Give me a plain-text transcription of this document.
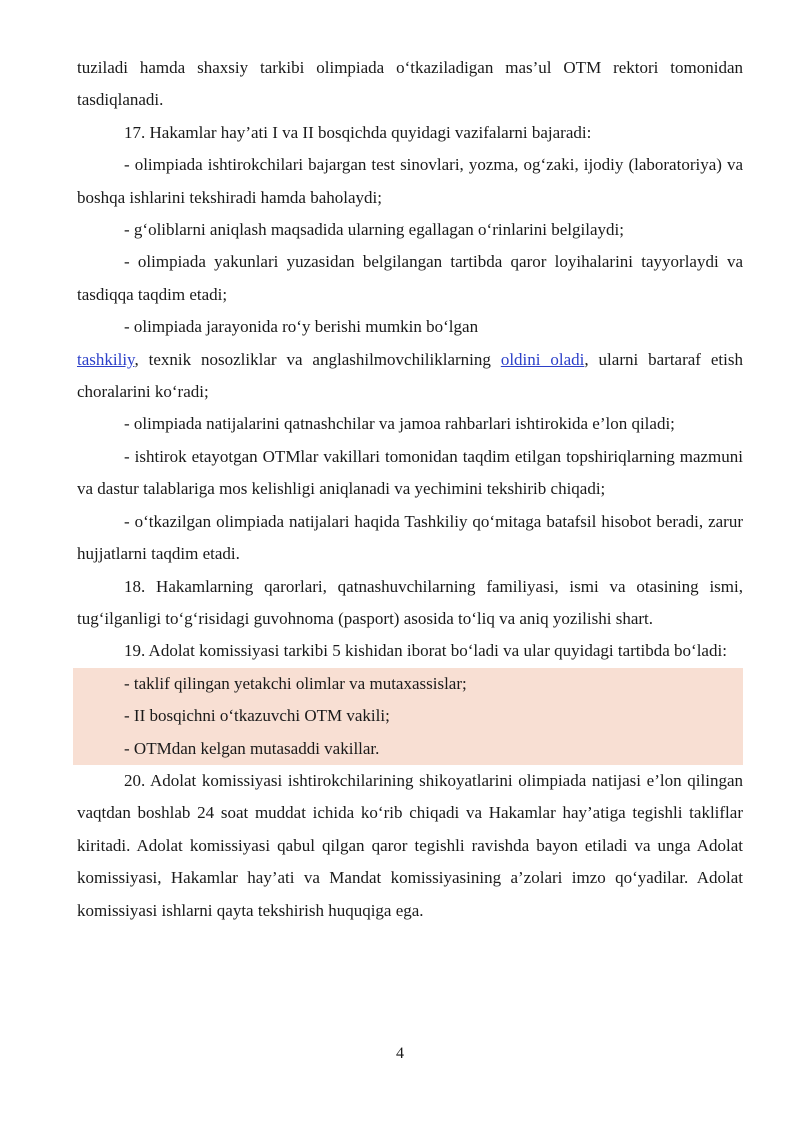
tuziladi hamda shaxsiy tarkibi olimpiada o‘tkaziladigan mas’ul OTM rektori tomonidan tasdiqlanadi.

17. Hakamlar hay’ati I va II bosqichda quyidagi vazifalarni bajaradi:

- olimpiada ishtirokchilari bajargan test sinovlari, yozma, og‘zaki, ijodiy (laboratoriya) va boshqa ishlarini tekshiradi hamda baholaydi;

- g‘oliblarni aniqlash maqsadida ularning egallagan o‘rinlarini belgilaydi;

- olimpiada yakunlari yuzasidan belgilangan tartibda qaror loyihalarini tayyorlaydi va tasdiqqa taqdim etadi;

- olimpiada jarayonida ro‘y berishi mumkin bo‘lgan

tashkiliy, texnik nosozliklar va anglashilmovchiliklarning oldini oladi, ularni bartaraf etish choralarini ko‘radi;

- olimpiada natijalarini qatnashchilar va jamoa rahbarlari ishtirokida e’lon qiladi;

- ishtirok etayotgan OTMlar vakillari tomonidan taqdim etilgan topshiriqlarning mazmuni va dastur talablariga mos kelishligi aniqlanadi va yechimini tekshirib chiqadi;

- o‘tkazilgan olimpiada natijalari haqida Tashkiliy qo‘mitaga batafsil hisobot beradi, zarur hujjatlarni taqdim etadi.

18. Hakamlarning qarorlari, qatnashuvchilarning familiyasi, ismi va otasining ismi, tug‘ilganligi to‘g‘risidagi guvohnoma (pasport) asosida to‘liq va aniq yozilishi shart.

19. Adolat komissiyasi tarkibi 5 kishidan iborat bo‘ladi va ular quyidagi tartibda bo‘ladi:

- taklif qilingan yetakchi olimlar va mutaxassislar;

- II bosqichni o‘tkazuvchi OTM vakili;

- OTMdan kelgan mutasaddi vakillar.

20. Adolat komissiyasi ishtirokchilarining shikoyatlarini olimpiada natijasi e’lon qilingan vaqtdan boshlab 24 soat muddat ichida ko‘rib chiqadi va Hakamlar hay’atiga tegishli takliflar kiritadi. Adolat komissiyasi qabul qilgan qaror tegishli ravishda bayon etiladi va unga Adolat komissiyasi, Hakamlar hay’ati va Mandat komissiyasining a’zolari imzo qo‘yadilar. Adolat komissiyasi ishlarni qayta tekshirish huquqiga ega.

4
